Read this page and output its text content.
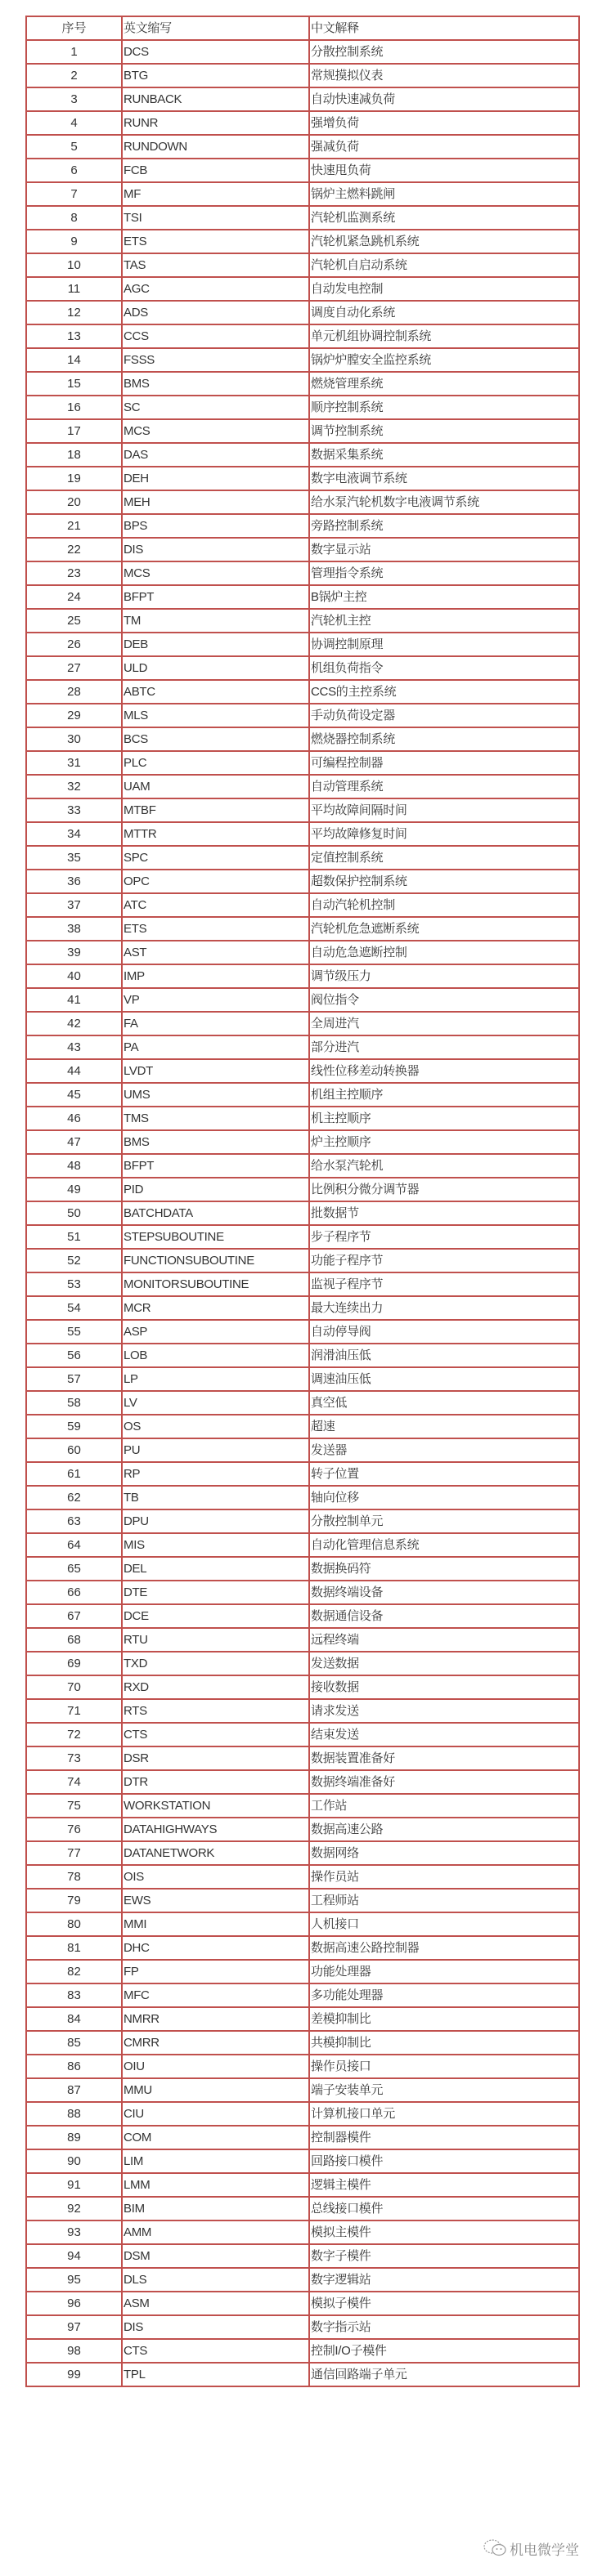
序号	英文缩写	中文解释
1	DCS	分散控制系统
2	BTG	常规摸拟仪表
3	RUNBACK	自动快速减负荷
4	RUNR	强增负荷
5	RUNDOWN	强减负荷
6	FCB	快速甩负荷
7	MF	锅炉主燃料跳闸
8	TSI	汽轮机监测系统
9	ETS	汽轮机紧急跳机系统
10	TAS	汽轮机自启动系统
11	AGC	自动发电控制
12	ADS	调度自动化系统
13	CCS	单元机组协调控制系统
14	FSSS	锅炉炉膛安全监控系统
15	BMS	燃烧管理系统
16	SC	顺序控制系统
17	MCS	调节控制系统
18	DAS	数据采集系统
19	DEH	数字电液调节系统
20	MEH	给水泵汽轮机数字电液调节系统
21	BPS	旁路控制系统
22	DIS	数字显示站
23	MCS	管理指令系统
24	BFPT	B锅炉主控
25	TM	汽轮机主控
26	DEB	协调控制原理
27	ULD	机组负荷指令
28	ABTC	CCS的主控系统
29	MLS	手动负荷设定器
30	BCS	燃烧器控制系统
31	PLC	可编程控制器
32	UAM	自动管理系统
33	MTBF	平均故障间隔时间
34	MTTR	平均故障修复时间
35	SPC	定值控制系统
36	OPC	超数保护控制系统
37	ATC	自动汽轮机控制
38	ETS	汽轮机危急遮断系统
39	AST	自动危急遮断控制
40	IMP	调节级压力
41	VP	阀位指令
42	FA	全周进汽
43	PA	部分进汽
44	LVDT	线性位移差动转换器
45	UMS	机组主控顺序
46	TMS	机主控顺序
47	BMS	炉主控顺序
48	BFPT	给水泵汽轮机
49	PID	比例积分微分调节器
50	BATCHDATA	批数据节
51	STEPSUBOUTINE	步子程序节
52	FUNCTIONSUBOUTINE	功能子程序节
53	MONITORSUBOUTINE	监视子程序节
54	MCR	最大连续出力
55	ASP	自动停导阀
56	LOB	润滑油压低
57	LP	调速油压低
58	LV	真空低
59	OS	超速
60	PU	发送器
61	RP	转子位置
62	TB	轴向位移
63	DPU	分散控制单元
64	MIS	自动化管理信息系统
65	DEL	数据换码符
66	DTE	数据终端设备
67	DCE	数据通信设备
68	RTU	远程终端
69	TXD	发送数据
70	RXD	接收数据
71	RTS	请求发送
72	CTS	结束发送
73	DSR	数据装置准备好
74	DTR	数据终端准备好
75	WORKSTATION	工作站
76	DATAHIGHWAYS	数据高速公路
77	DATANETWORK	数据网络
78	OIS	操作员站
79	EWS	工程师站
80	MMI	人机接口
81	DHC	数据高速公路控制器
82	FP	功能处理器
83	MFC	多功能处理器
84	NMRR	差模抑制比
85	CMRR	共模抑制比
86	OIU	操作员接口
87	MMU	端子安装单元
88	CIU	计算机接口单元
89	COM	控制器模件
90	LIM	回路接口模件
91	LMM	逻辑主模件
92	BIM	总线接口模件
93	AMM	模拟主模件
94	DSM	数字子模件
95	DLS	数字逻辑站
96	ASM	模拟子模件
97	DIS	数字指示站
98	CTS	控制I/O子模件
99	TPL	通信回路端子单元
机电微学堂
